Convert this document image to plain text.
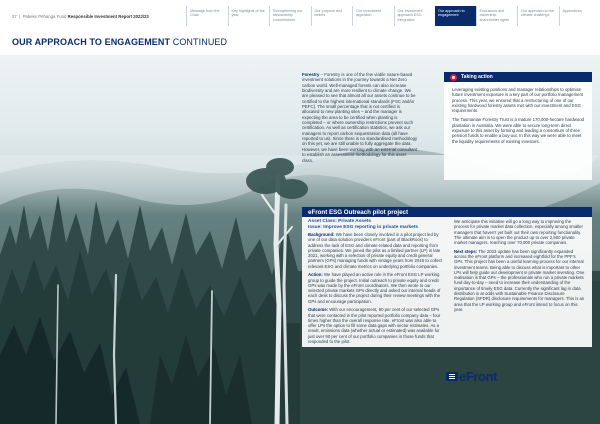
27  |  Pakeke Pēhanga Fund Responsible Investment Report 2022/23
Message from the Chair
Key highlights of the year
Strengthening our stewardship commitments
Our purpose and beliefs
Our investment approach
Our investment approach ESG integration
Our approach to engagement
Exclusions and ownership shareholder rights
Our approach to the climate challenge
Appendices
OUR APPROACH TO ENGAGEMENT CONTINUED
Forestry – Forestry is one of the few viable nature-based investment solutions in the journey towards a Net Zero carbon world. Well-managed forests can also increase biodiversity and are more resilient to climate change. We are pleased to see that almost all our assets continue to be certified to the highest international standards (FSC and/or PEFC). The small percentage that is not certified is allocated to new planting sites – and the manager is expecting the area to be certified when planting is completed – or where ownership restrictions prevent such certification. As well as certification statistics, we ask our managers to report carbon sequestration data (all have reported to us). Since there is no standardised methodology on this yet, we are still unable to fully aggregate the data. However, we have been working with an external consultant to establish an assessment methodology for this asset class.
Taking action

Leveraging existing positions and manager relationships to optimise future investment exposure is a key part of our portfolio management process. This year, we ensured that a restructuring of one of our existing hardwood forestry assets met with our investment and ESG requirements.

The Tasmanian Forestry Trust is a mature 170,000-hectare hardwood plantation in Australia. We were able to secure long-term direct exposure to this asset by forming and leading a consortium of three pension funds to enable a buy-out. In this way we were able to meet the liquidity requirements of existing investors.

eFront ESG Outreach pilot project
Asset Class: Private Assets
Issue: Improve ESG reporting in private markets

Background: We have been closely involved in a pilot project led by one of our data solution providers eFront (part of BlackRock) to address the lack of ESG and climate-related data and reporting from private companies. We joined the pilot as a limited partner (LP) in late 2021, working with a selection of private equity and credit general partners (GPs) managing funds with vintage years from 2015 to collect relevant ESG and climate metrics on underlying portfolio companies.

Action: We have played an active role in the eFront ESG LP working group to guide the project. Initial outreach to private equity and credit GPs was made by the eFront coordinators. We then wrote to our selected private markets GPs directly and asked our internal heads of each desk to discuss the project during their review meetings with the GPs and encourage participation.

Outcome: With our encouragement, 60 per cent of our selected GPs that were contacted in the pilot reported portfolio company data – four times higher than the overall response rate. eFront was also able to offer LPs the option to fill some data gaps with sector estimates. As a result, emissions data (whether actual or estimated) was available for just over 90 per cent of our portfolio companies in those funds that responded to the pilot.

We anticipate this initiative will go a long way to improving the process for private market data collection, especially among smaller managers that haven't yet built out their own reporting functionality. The ultimate aim is to open the product up to over 2,500 private market managers, reaching over 70,000 private companies.

Next steps: The 2023 update has been significantly expanded across the eFront platform and increased eightfold for the PPF's GPs. This project has been a useful learning process for our internal investment teams. Being able to discuss what is important to other LPs will help guide our development in private market investing. One realisation is that GPs – the professionals who run a private markets fund day-to-day – need to increase their understanding of the importance of timely ESG data. Currently the significant lag in data distribution is at odds with Sustainable Finance Disclosure Regulation (SFDR) disclosure requirements for managers. This is an area that the LP working group and eFront intend to focus on this year.

eFront
